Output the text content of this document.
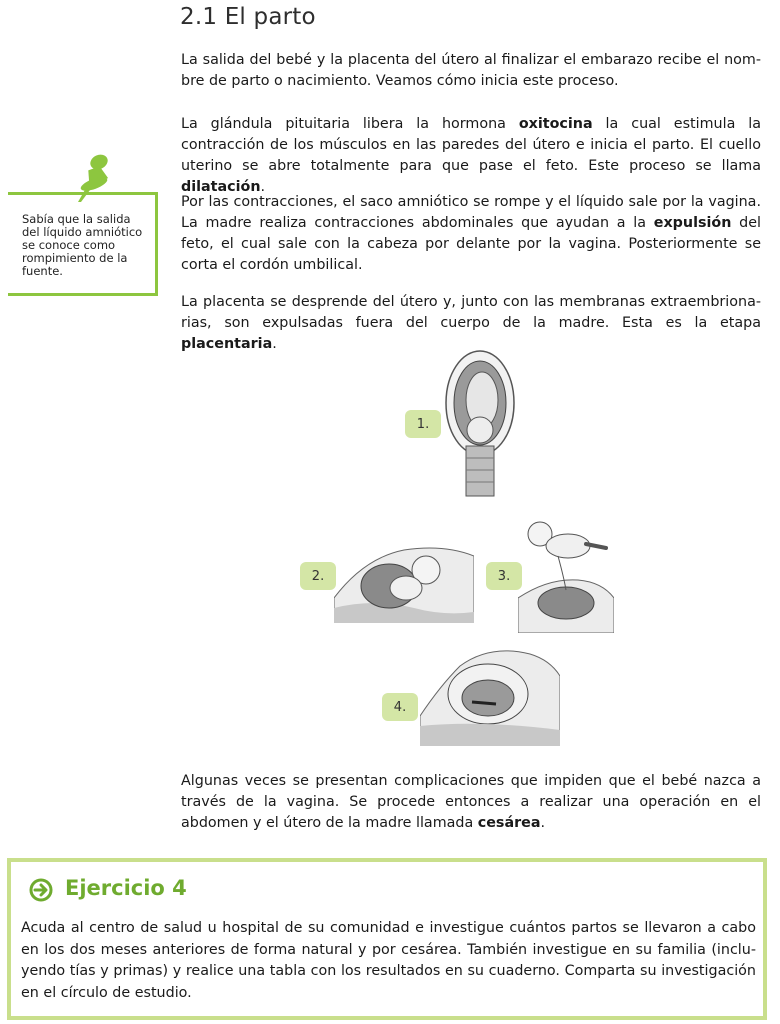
2.1 El parto

La salida del bebé y la placenta del útero al finalizar el embarazo recibe el nom-bre de parto o nacimiento. Veamos cómo inicia este proceso.

La glándula pituitaria libera la hormona oxitocina la cual estimula la contracción de los músculos en las paredes del útero e inicia el parto. El cuello uterino se abre totalmente para que pase el feto. Este proceso se llama dilatación.

Por las contracciones, el saco amniótico se rompe y el líquido sale por la vagina. La madre realiza contracciones abdominales que ayudan a la expulsión del feto, el cual sale con la cabeza por delante por la vagina. Posteriormente se corta el cordón umbilical.

La placenta se desprende del útero y, junto con las membranas extraembriona-rias, son expulsadas fuera del cuerpo de la madre. Esta es la etapa placentaria.

Sabía que la salida del líquido amniótico se conoce como rompimiento de la fuente.
1.
2.	3.
4.

Algunas veces se presentan complicaciones que impiden que el bebé nazca a través de la vagina. Se procede entonces a realizar una operación en el abdomen y el útero de la madre llamada cesárea.

Ejercicio 4

Acuda al centro de salud u hospital de su comunidad e investigue cuántos partos se llevaron a cabo en los dos meses anteriores de forma natural y por cesárea. También investigue en su familia (inclu-yendo tías y primas) y realice una tabla con los resultados en su cuaderno. Comparta su investigación en el círculo de estudio.
